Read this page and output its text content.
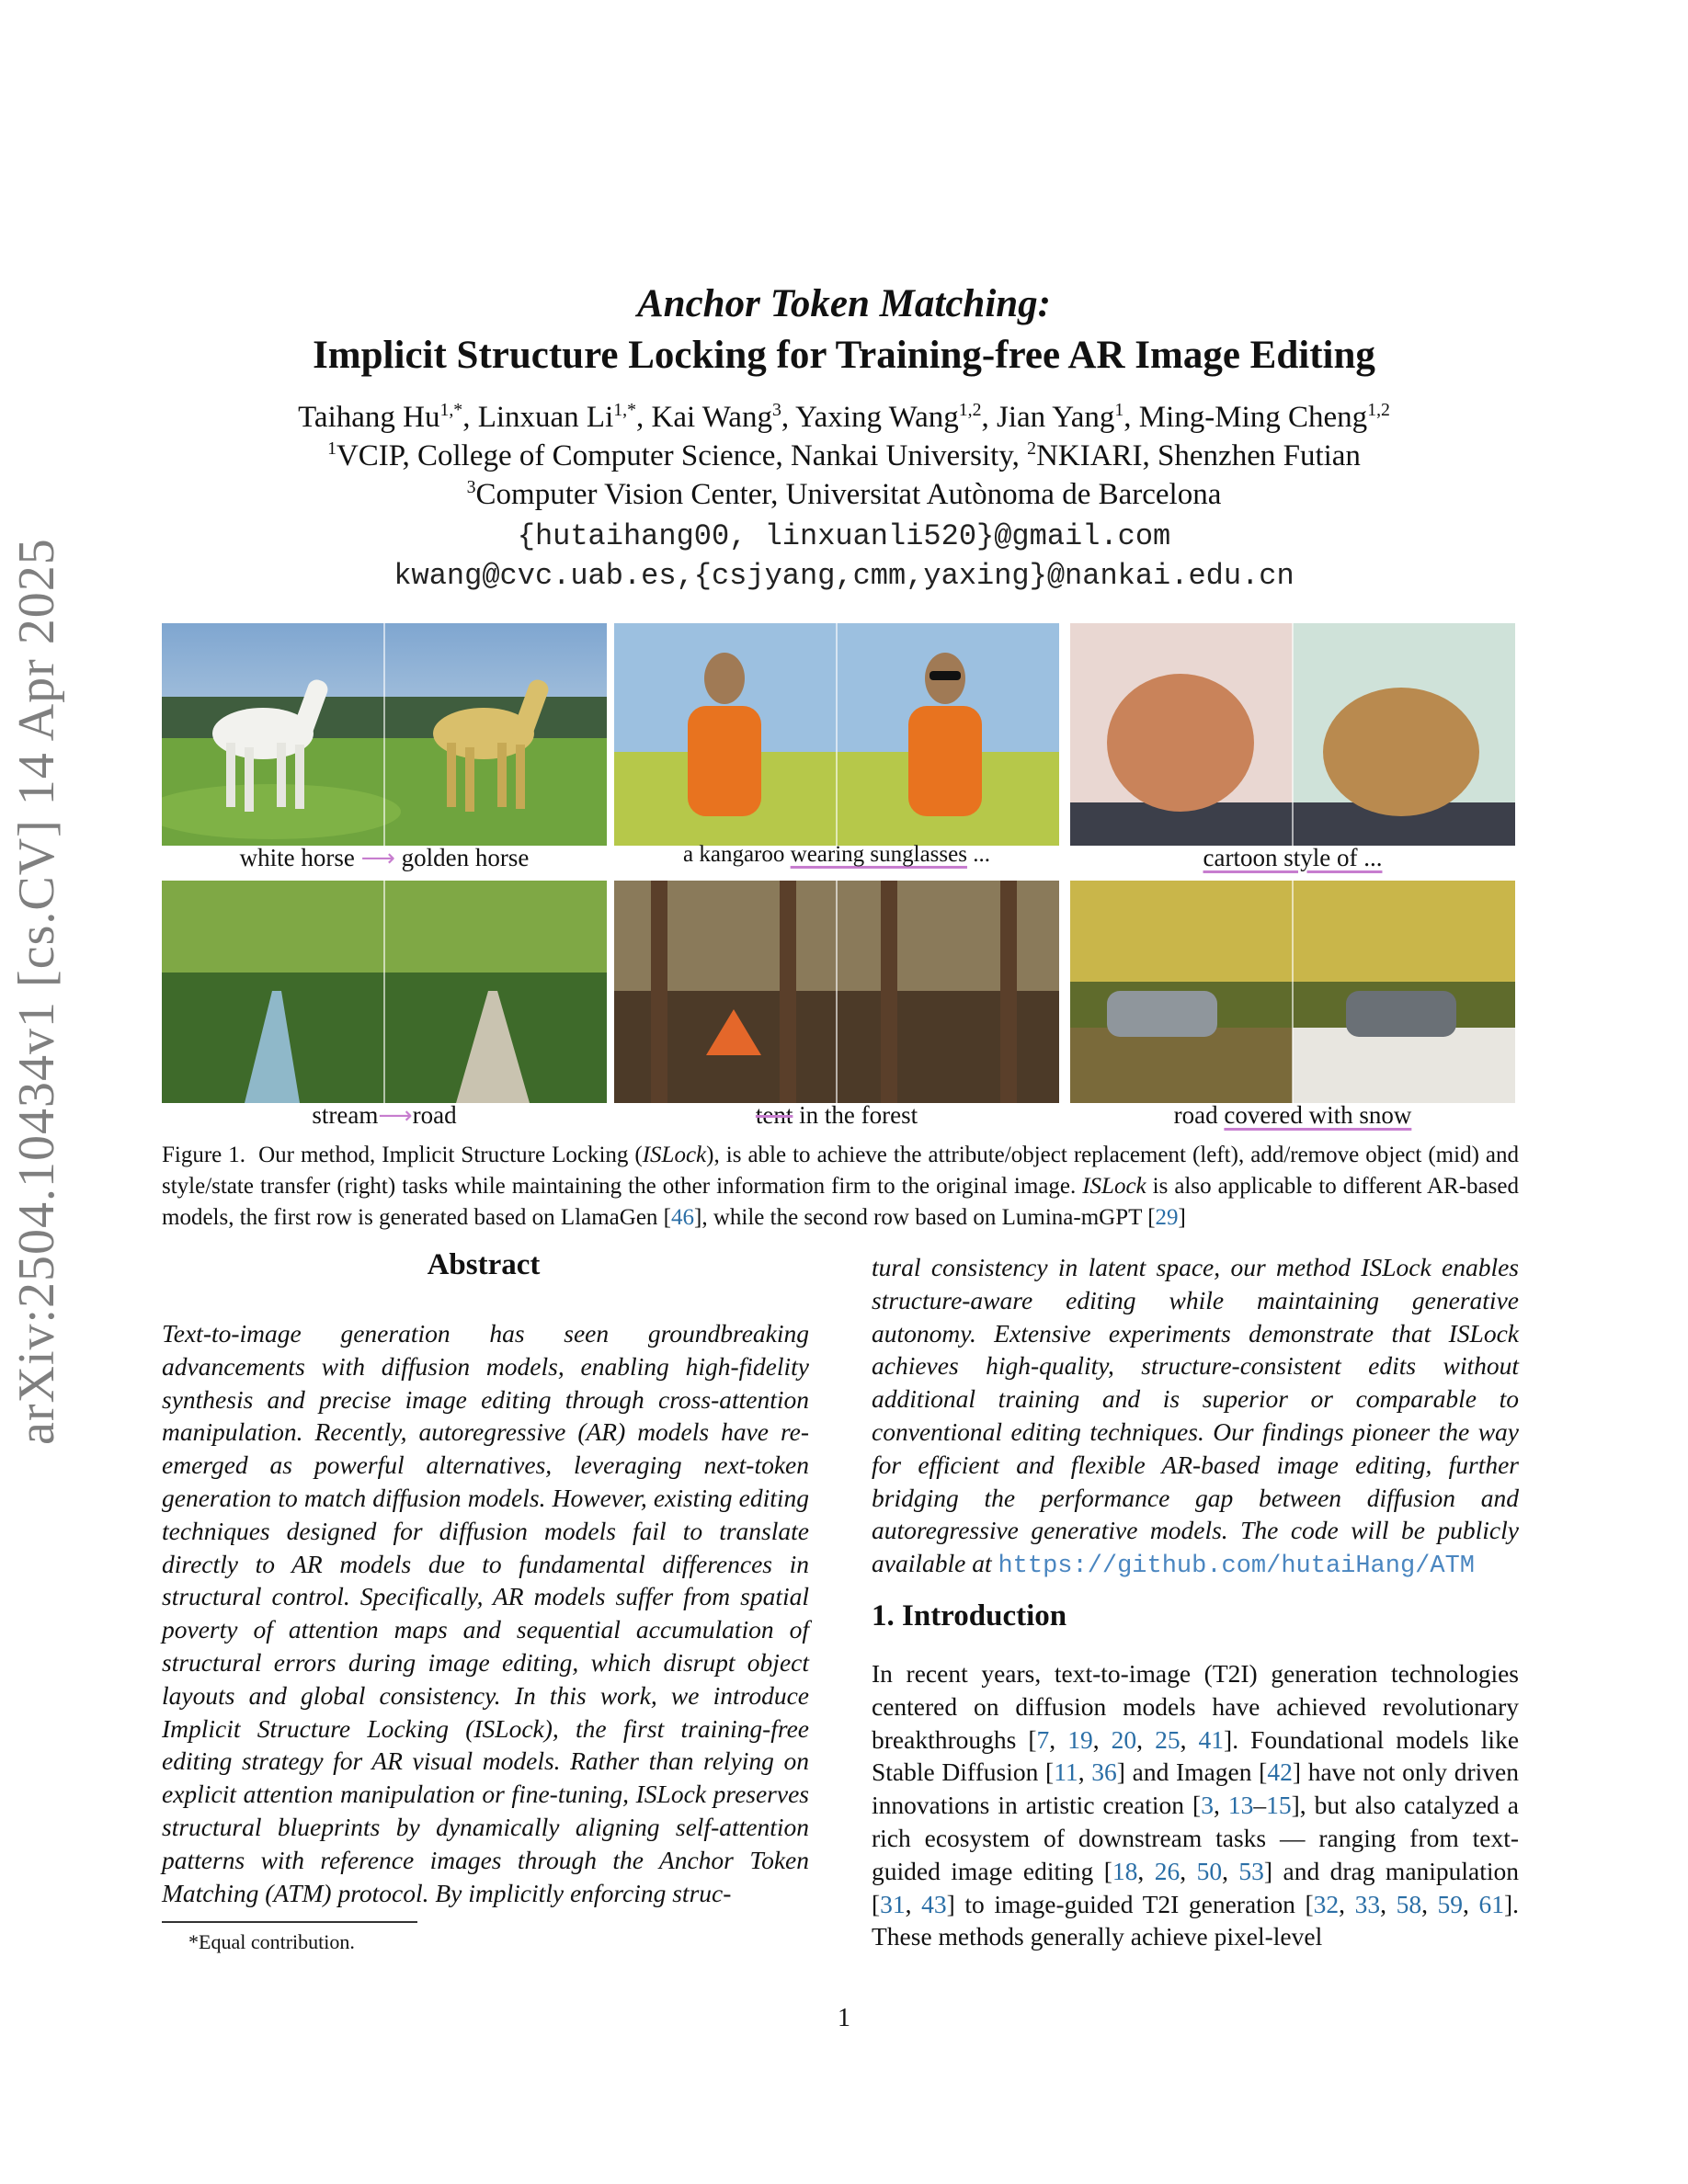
arXiv:2504.10434v1 [cs.CV] 14 Apr 2025
Anchor Token Matching:
Implicit Structure Locking for Training-free AR Image Editing
Taihang $Hu^{1,*}$, Linxuan $Li^{1,*}$, Kai Wang$^3$, Yaxing Wang$^{1,2}$, Jian Yang$^1$, Ming-Ming Cheng$^{1,2}$
$^1$VCIP, College of Computer Science, Nankai University, $^2$NKIARI, Shenzhen Futian
$^3$Computer Vision Center, Universitat Autònoma de Barcelona
{hutaihang00, linxuanli520}@gmail.com
kwang@cvc.uab.es,{csjyang,cmm,yaxing}@nankai.edu.cn
white horse ⟶ golden horse	a kangaroo wearing sunglasses ...	cartoon style of ...
stream⟶road	tent in the forest	road covered with snow
Figure 1. Our method, Implicit Structure Locking (ISLock), is able to achieve the attribute/object replacement (left), add/remove object (mid) and style/state transfer (right) tasks while maintaining the other information firm to the original image. ISLock is also applicable to different AR-based models, the first row is generated based on LlamaGen [46], while the second row based on Lumina-mGPT [29]
Abstract
Text-to-image generation has seen groundbreaking advancements with diffusion models, enabling high-fidelity synthesis and precise image editing through cross-attention manipulation. Recently, autoregressive (AR) models have re-emerged as powerful alternatives, leveraging next-token generation to match diffusion models. However, existing editing techniques designed for diffusion models fail to translate directly to AR models due to fundamental differences in structural control. Specifically, AR models suffer from spatial poverty of attention maps and sequential accumulation of structural errors during image editing, which disrupt object layouts and global consistency. In this work, we introduce Implicit Structure Locking (ISLock), the first training-free editing strategy for AR visual models. Rather than relying on explicit attention manipulation or fine-tuning, ISLock preserves structural blueprints by dynamically aligning self-attention patterns with reference images through the Anchor Token Matching (ATM) protocol. By implicitly enforcing struc-
tural consistency in latent space, our method ISLock enables structure-aware editing while maintaining generative autonomy. Extensive experiments demonstrate that ISLock achieves high-quality, structure-consistent edits without additional training and is superior or comparable to conventional editing techniques. Our findings pioneer the way for efficient and flexible AR-based image editing, further bridging the performance gap between diffusion and autoregressive generative models. The code will be publicly available at https://github.com/hutaiHang/ATM
1. Introduction
In recent years, text-to-image (T2I) generation technologies centered on diffusion models have achieved revolutionary breakthroughs [7, 19, 20, 25, 41]. Foundational models like Stable Diffusion [11, 36] and Imagen [42] have not only driven innovations in artistic creation [3, 13–15], but also catalyzed a rich ecosystem of downstream tasks — ranging from text-guided image editing [18, 26, 50, 53] and drag manipulation [31, 43] to image-guided T2I generation [32, 33, 58, 59, 61]. These methods generally achieve pixel-level
*Equal contribution.
1
